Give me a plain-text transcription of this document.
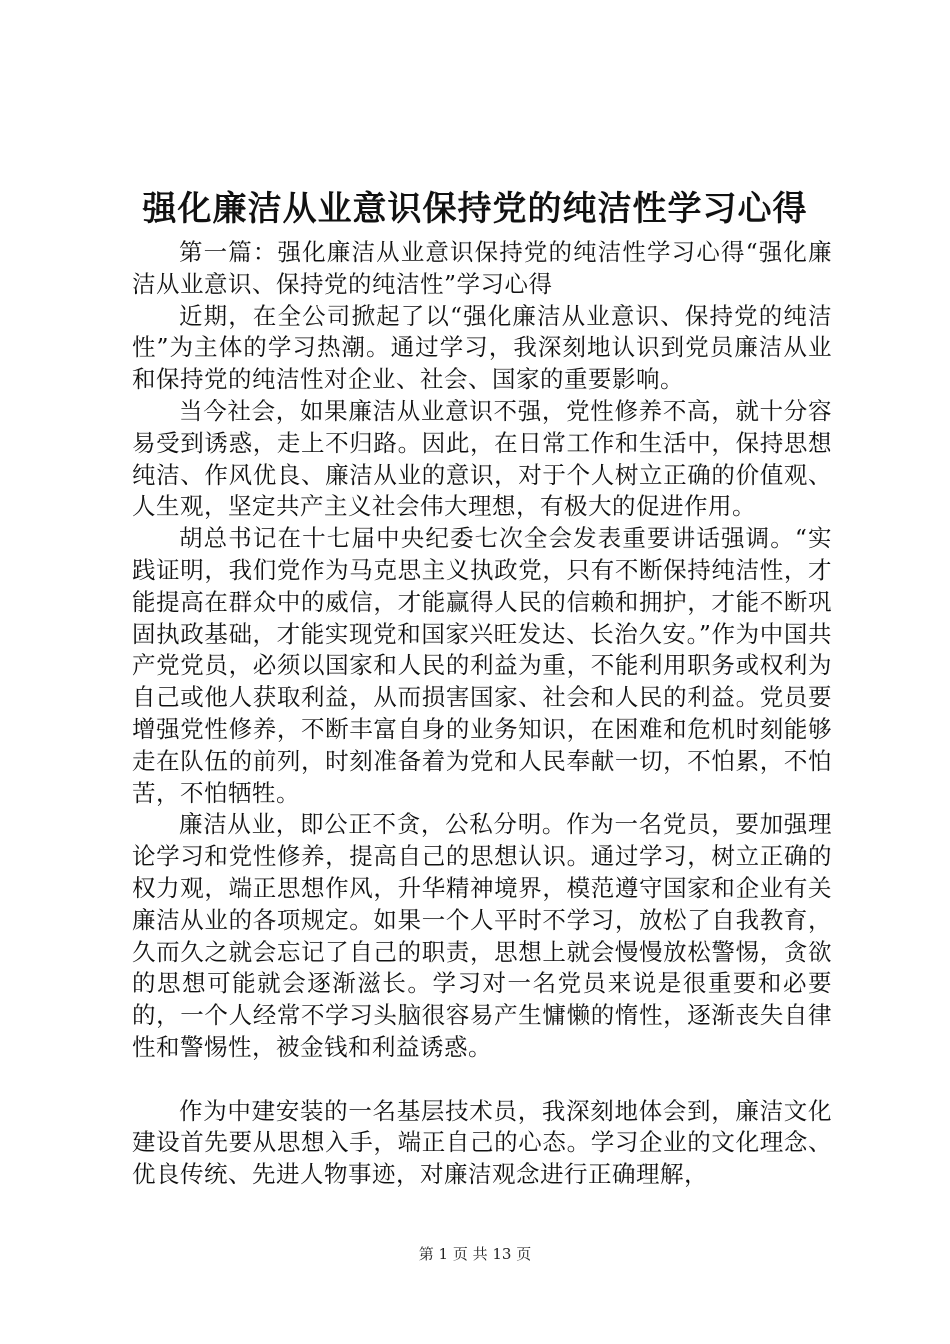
强化廉洁从业意识保持党的纯洁性学习心得

第一篇：强化廉洁从业意识保持党的纯洁性学习心得“强化廉洁从业意识、保持党的纯洁性”学习心得

近期，在全公司掀起了以“强化廉洁从业意识、保持党的纯洁性”为主体的学习热潮。通过学习，我深刻地认识到党员廉洁从业和保持党的纯洁性对企业、社会、国家的重要影响。

当今社会，如果廉洁从业意识不强，党性修养不高，就十分容易受到诱惑，走上不归路。因此，在日常工作和生活中，保持思想纯洁、作风优良、廉洁从业的意识，对于个人树立正确的价值观、人生观，坚定共产主义社会伟大理想，有极大的促进作用。

胡总书记在十七届中央纪委七次全会发表重要讲话强调。“实践证明，我们党作为马克思主义执政党，只有不断保持纯洁性，才能提高在群众中的威信，才能赢得人民的信赖和拥护，才能不断巩固执政基础，才能实现党和国家兴旺发达、长治久安。”作为中国共产党党员，必须以国家和人民的利益为重，不能利用职务或权利为自己或他人获取利益，从而损害国家、社会和人民的利益。党员要增强党性修养，不断丰富自身的业务知识，在困难和危机时刻能够走在队伍的前列，时刻准备着为党和人民奉献一切，不怕累，不怕苦，不怕牺牲。

廉洁从业，即公正不贪，公私分明。作为一名党员，要加强理论学习和党性修养，提高自己的思想认识。通过学习，树立正确的权力观，端正思想作风，升华精神境界，模范遵守国家和企业有关廉洁从业的各项规定。如果一个人平时不学习，放松了自我教育，久而久之就会忘记了自己的职责，思想上就会慢慢放松警惕，贪欲的思想可能就会逐渐滋长。学习对一名党员来说是很重要和必要的，一个人经常不学习头脑很容易产生慵懒的惰性，逐渐丧失自律性和警惕性，被金钱和利益诱惑。

作为中建安装的一名基层技术员，我深刻地体会到，廉洁文化建设首先要从思想入手，端正自己的心态。学习企业的文化理念、优良传统、先进人物事迹，对廉洁观念进行正确理解，

第 1 页 共 13 页
